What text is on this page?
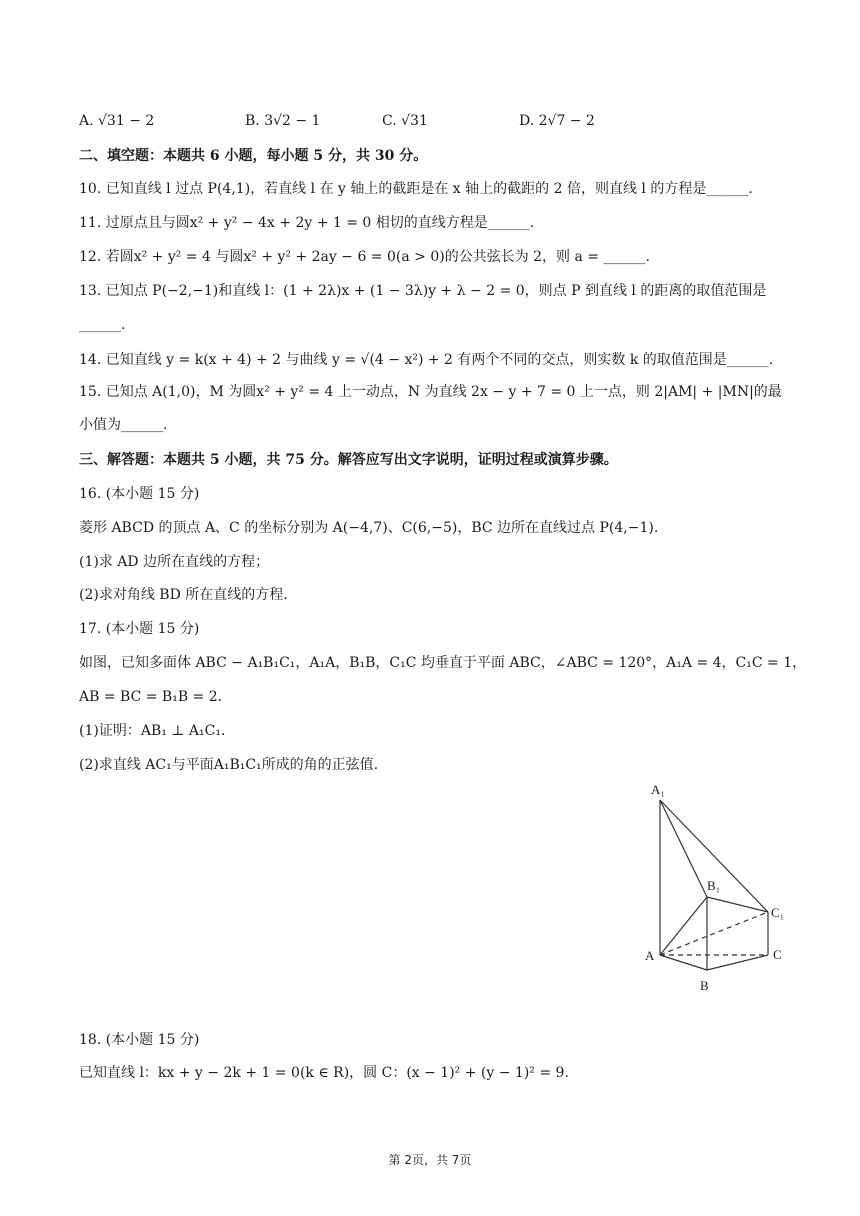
A. √31 − 2	B. 3√2 − 1	C. √31	D. 2√7 − 2
二、填空题：本题共 6 小题，每小题 5 分，共 30 分。
10. 已知直线 l 过点 P(4,1)，若直线 l 在 y 轴上的截距是在 x 轴上的截距的 2 倍，则直线 l 的方程是______.
11. 过原点且与圆x² + y² − 4x + 2y + 1 = 0 相切的直线方程是______.
12. 若圆x² + y² = 4 与圆x² + y² + 2ay − 6 = 0(a > 0)的公共弦长为 2，则 a = ______.
13. 已知点 P(−2,−1)和直线 l：(1 + 2λ)x + (1 − 3λ)y + λ − 2 = 0，则点 P 到直线 l 的距离的取值范围是
______.
14. 已知直线 y = k(x + 4) + 2 与曲线 y = √(4 − x²) + 2 有两个不同的交点，则实数 k 的取值范围是______.
15. 已知点 A(1,0)，M 为圆x² + y² = 4 上一动点，N 为直线 2x − y + 7 = 0 上一点，则 2|AM| + |MN|的最
小值为______.
三、解答题：本题共 5 小题，共 75 分。解答应写出文字说明，证明过程或演算步骤。
16. (本小题 15 分)
菱形 ABCD 的顶点 A、C 的坐标分别为 A(−4,7)、C(6,−5)，BC 边所在直线过点 P(4,−1).
(1)求 AD 边所在直线的方程；
(2)求对角线 BD 所在直线的方程.
17. (本小题 15 分)
如图，已知多面体 ABC − A₁B₁C₁，A₁A，B₁B，C₁C 均垂直于平面 ABC，∠ABC = 120°，A₁A = 4，C₁C = 1，
AB = BC = B₁B = 2.
(1)证明：AB₁ ⊥ A₁C₁.
(2)求直线 AC₁与平面A₁B₁C₁所成的角的正弦值.
A₁
B₁
C₁
A
B
C
18. (本小题 15 分)
已知直线 l：kx + y − 2k + 1 = 0(k ∈ R)，圆 C：(x − 1)² + (y − 1)² = 9.
第 2页，共 7页
